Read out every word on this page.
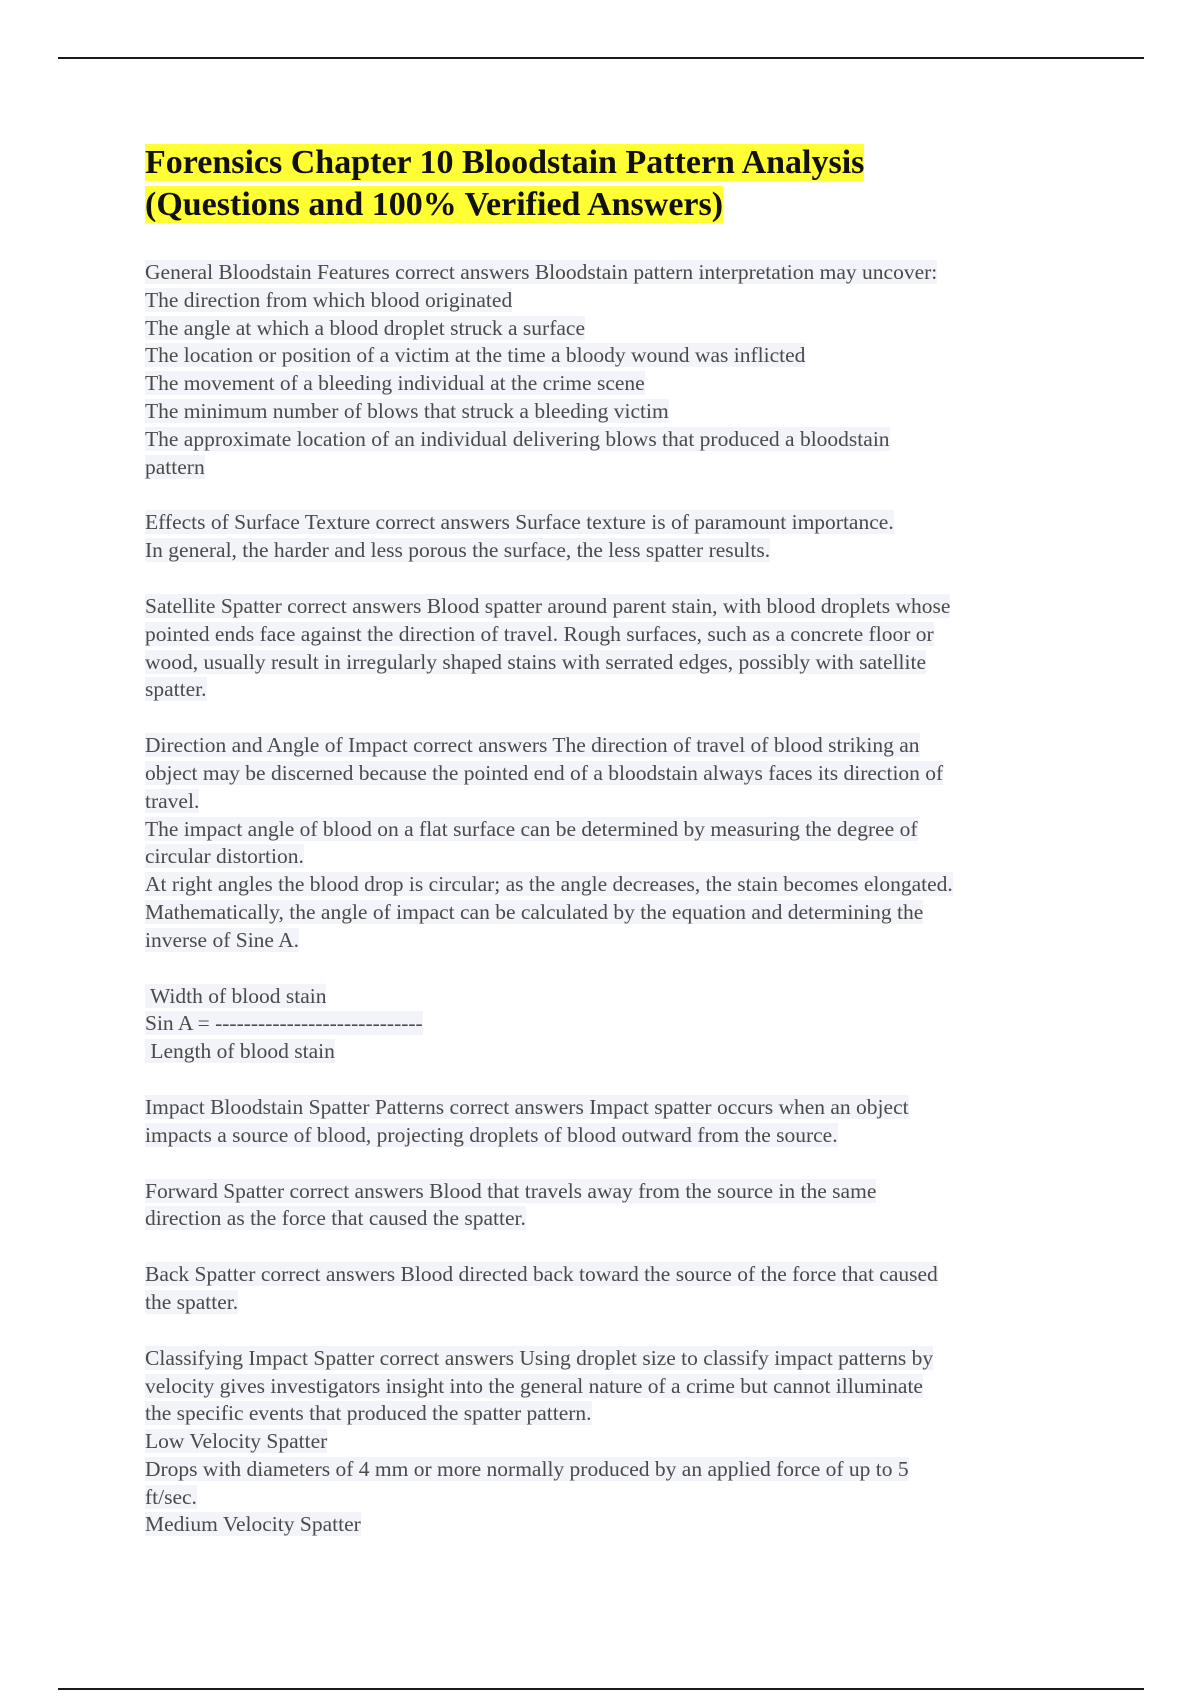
Forensics Chapter 10 Bloodstain Pattern Analysis
(Questions and 100% Verified Answers)
General Bloodstain Features correct answers Bloodstain pattern interpretation may uncover:
The direction from which blood originated
The angle at which a blood droplet struck a surface
The location or position of a victim at the time a bloody wound was inflicted
The movement of a bleeding individual at the crime scene
The minimum number of blows that struck a bleeding victim
The approximate location of an individual delivering blows that produced a bloodstain
pattern
Effects of Surface Texture correct answers Surface texture is of paramount importance.
In general, the harder and less porous the surface, the less spatter results.
Satellite Spatter correct answers Blood spatter around parent stain, with blood droplets whose
pointed ends face against the direction of travel. Rough surfaces, such as a concrete floor or
wood, usually result in irregularly shaped stains with serrated edges, possibly with satellite
spatter.
Direction and Angle of Impact correct answers The direction of travel of blood striking an
object may be discerned because the pointed end of a bloodstain always faces its direction of
travel.
The impact angle of blood on a flat surface can be determined by measuring the degree of
circular distortion.
At right angles the blood drop is circular; as the angle decreases, the stain becomes elongated.
Mathematically, the angle of impact can be calculated by the equation and determining the
inverse of Sine A.
Width of blood stain
Sin A = -----------------------------
Length of blood stain
Impact Bloodstain Spatter Patterns correct answers Impact spatter occurs when an object
impacts a source of blood, projecting droplets of blood outward from the source.
Forward Spatter correct answers Blood that travels away from the source in the same
direction as the force that caused the spatter.
Back Spatter correct answers Blood directed back toward the source of the force that caused
the spatter.
Classifying Impact Spatter correct answers Using droplet size to classify impact patterns by
velocity gives investigators insight into the general nature of a crime but cannot illuminate
the specific events that produced the spatter pattern.
Low Velocity Spatter
Drops with diameters of 4 mm or more normally produced by an applied force of up to 5
ft/sec.
Medium Velocity Spatter
